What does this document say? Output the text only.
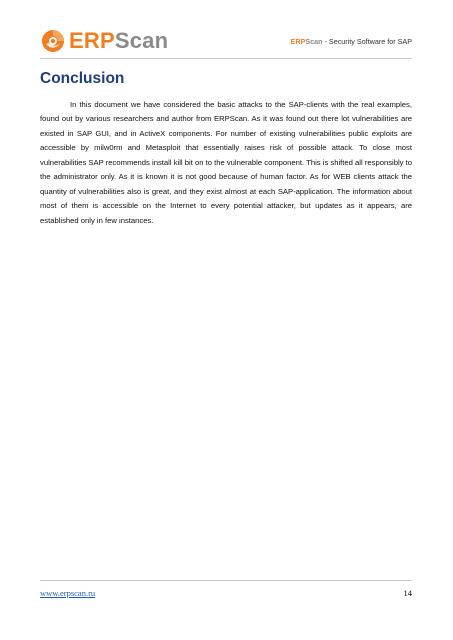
ERPScan	ERPScan - Security Software for SAP
Conclusion

In this document we have considered the basic attacks to the SAP-clients with the real examples, found out by various researchers and author from ERPScan. As it was found out there lot vulnerabilities are existed in SAP GUI, and in ActiveX components. For number of existing vulnerabilities public exploits are accessible by milw0rm and Metasploit that essentially raises risk of possible attack. To close most vulnerabilities SAP recommends install kill bit on to the vulnerable component. This is shifted all responsibly to the administrator only. As it is known it is not good because of human factor. As for WEB clients attack the quantity of vulnerabilities also is great, and they exist almost at each SAP-application. The information about most of them is accessible on the Internet to every potential attacker, but updates as it appears, are established only in few instances.

www.erpscan.ru	14
